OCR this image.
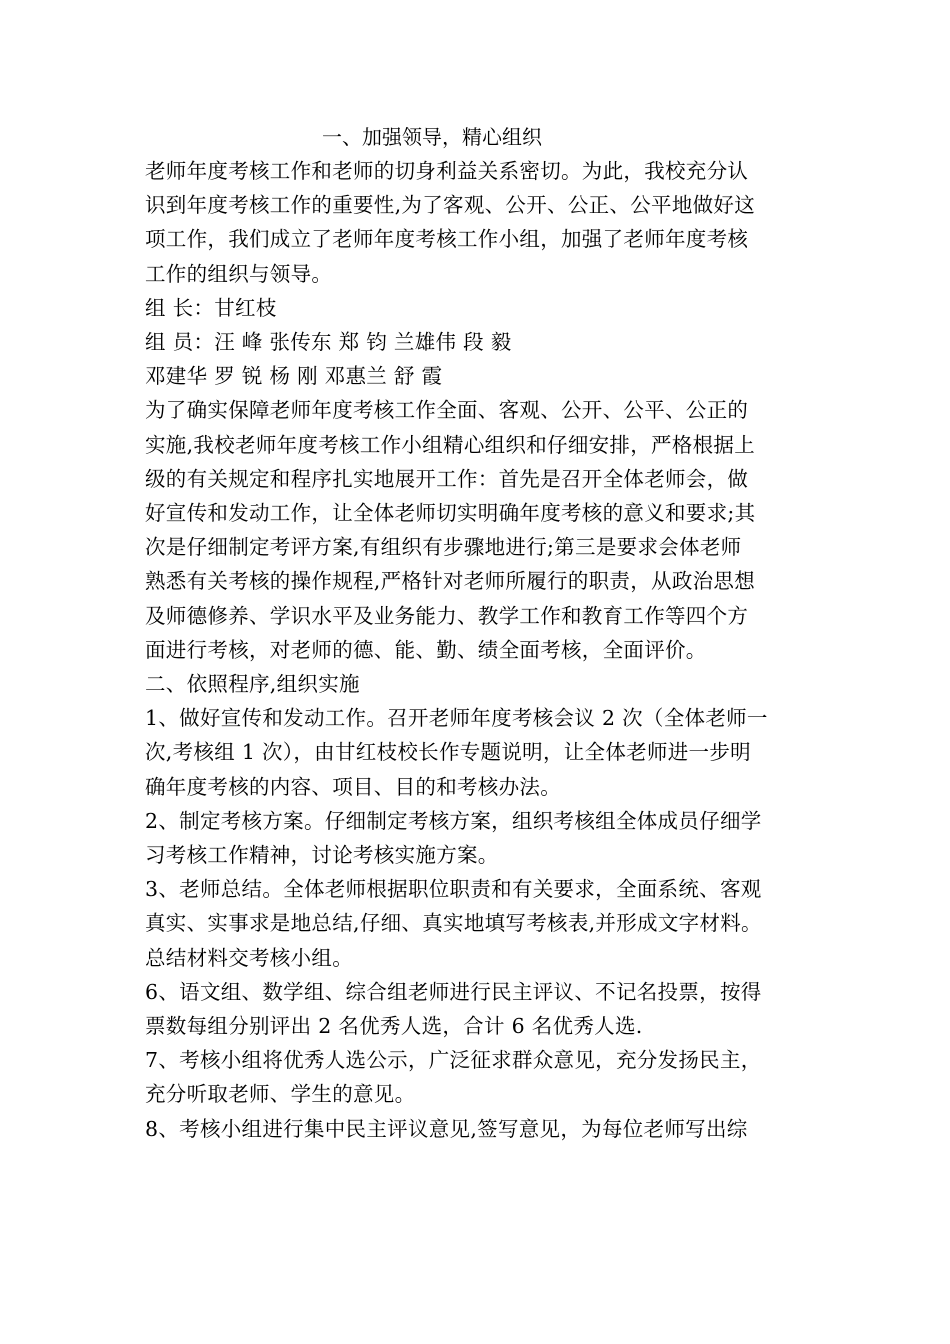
一、加强领导，精心组织

老师年度考核工作和老师的切身利益关系密切。为此，我校充分认

识到年度考核工作的重要性,为了客观、公开、公正、公平地做好这

项工作，我们成立了老师年度考核工作小组，加强了老师年度考核

工作的组织与领导。

组 长：甘红枝

组 员：汪 峰 张传东 郑 钧 兰雄伟 段 毅

邓建华 罗 锐 杨 刚 邓惠兰 舒 霞

为了确实保障老师年度考核工作全面、客观、公开、公平、公正的

实施,我校老师年度考核工作小组精心组织和仔细安排，严格根据上

级的有关规定和程序扎实地展开工作：首先是召开全体老师会，做

好宣传和发动工作，让全体老师切实明确年度考核的意义和要求;其

次是仔细制定考评方案,有组织有步骤地进行;第三是要求会体老师

熟悉有关考核的操作规程,严格针对老师所履行的职责，从政治思想

及师德修养、学识水平及业务能力、教学工作和教育工作等四个方

面进行考核，对老师的德、能、勤、绩全面考核，全面评价。

二、依照程序,组织实施

1、做好宣传和发动工作。召开老师年度考核会议 2 次（全体老师一

次,考核组 1 次），由甘红枝校长作专题说明，让全体老师进一步明

确年度考核的内容、项目、目的和考核办法。

2、制定考核方案。仔细制定考核方案，组织考核组全体成员仔细学

习考核工作精神，讨论考核实施方案。

3、老师总结。全体老师根据职位职责和有关要求，全面系统、客观

真实、实事求是地总结,仔细、真实地填写考核表,并形成文字材料。

总结材料交考核小组。

6、语文组、数学组、综合组老师进行民主评议、不记名投票，按得

票数每组分别评出 2 名优秀人选，合计 6 名优秀人选.

7、考核小组将优秀人选公示，广泛征求群众意见，充分发扬民主，

充分听取老师、学生的意见。

8、考核小组进行集中民主评议意见,签写意见，为每位老师写出综
